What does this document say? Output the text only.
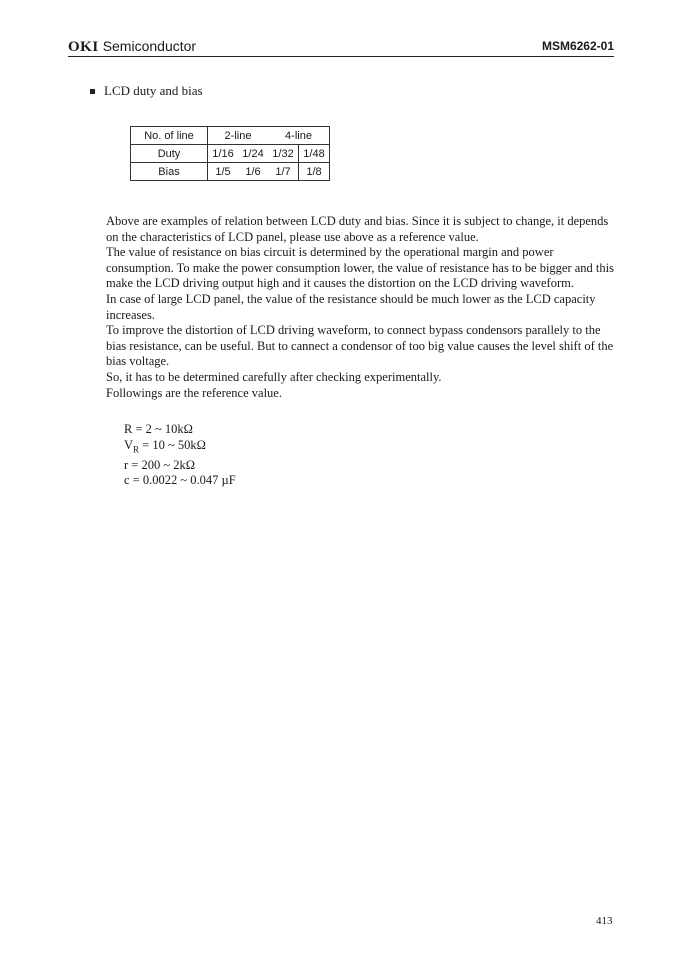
OKI Semiconductor	MSM6262-01
LCD duty and bias
No. of line	2-line		4-line	
Duty	1/16	1/24	1/32	1/48
Bias	1/5	1/6	1/7	1/8

Above are examples of relation between LCD duty and bias. Since it is subject to change, it depends on the characteristics of LCD panel, please use above as a reference value.

The value of resistance on bias circuit is determined by the operational margin and power consumption. To make the power consumption lower, the value of resistance has to be bigger and this make the LCD driving output high and it causes the distortion on the LCD driving waveform.

In case of large LCD panel, the value of the resistance should be much lower as the LCD capacity increases.

To improve the distortion of LCD driving waveform, to connect bypass condensors parallely to the bias resistance, can be useful. But to cannect a condensor of too big value causes the level shift of the bias voltage.

So, it has to be determined carefully after checking experimentally.

Followings are the reference value.

R = 2 ~ 10kΩ
$V_R = 10$ ~ 50kΩ
r = 200 ~ 2kΩ
c = 0.0022 ~ 0.047 µF
413
